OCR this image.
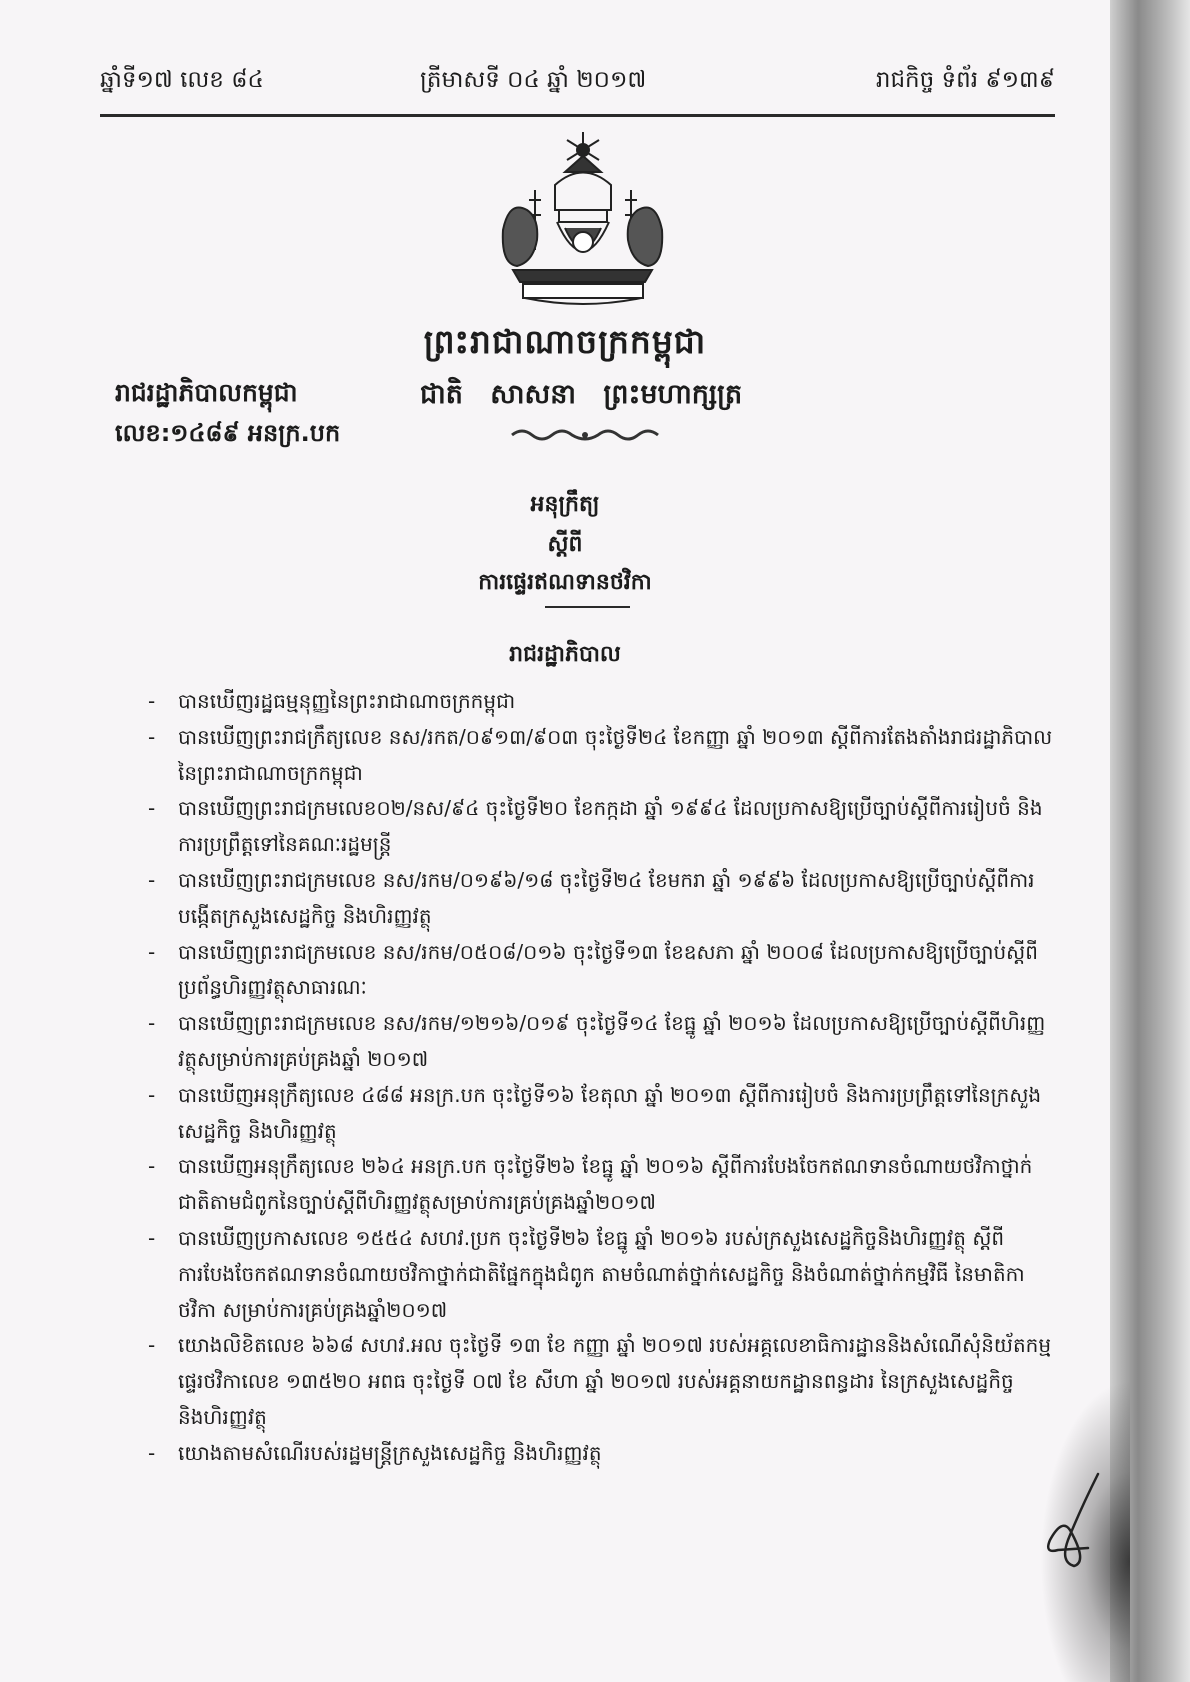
ឆ្នាំទី១៧ លេខ ៨៤	ត្រីមាសទី ០៤ ឆ្នាំ ២០១៧	រាជកិច្ច ទំព័រ ៩១៣៩
ព្រះរាជាណាចក្រកម្ពុជា
ជាតិ សាសនា ព្រះមហាក្សត្រ
រាជរដ្ឋាភិបាលកម្ពុជា
លេខ:១៤៨៩ អនក្រ.បក
អនុក្រឹត្យ
ស្ដីពី
ការផ្ទេរឥណទានថវិកា
រាជរដ្ឋាភិបាល
- បានឃើញរដ្ឋធម្មនុញ្ញនៃព្រះរាជាណាចក្រកម្ពុជា
- បានឃើញព្រះរាជក្រឹត្យលេខ នស/រកត/០៩១៣/៩០៣ ចុះថ្ងៃទី២៤ ខែកញ្ញា ឆ្នាំ ២០១៣ ស្ដីពីការតែងតាំងរាជរដ្ឋាភិបាល នៃព្រះរាជាណាចក្រកម្ពុជា
- បានឃើញព្រះរាជក្រមលេខ០២/នស/៩៤ ចុះថ្ងៃទី២០ ខែកក្កដា ឆ្នាំ ១៩៩៤ ដែលប្រកាសឱ្យប្រើច្បាប់ស្ដីពីការរៀបចំ និងការប្រព្រឹត្តទៅនៃគណៈរដ្ឋមន្ត្រី
- បានឃើញព្រះរាជក្រមលេខ នស/រកម/០១៩៦/១៨ ចុះថ្ងៃទី២៤ ខែមករា ឆ្នាំ ១៩៩៦ ដែលប្រកាសឱ្យប្រើច្បាប់ស្ដីពីការបង្កើតក្រសួងសេដ្ឋកិច្ច និងហិរញ្ញវត្ថុ
- បានឃើញព្រះរាជក្រមលេខ នស/រកម/០៥០៨/០១៦ ចុះថ្ងៃទី១៣ ខែឧសភា ឆ្នាំ ២០០៨ ដែលប្រកាសឱ្យប្រើច្បាប់ស្ដីពីប្រព័ន្ធហិរញ្ញវត្ថុសាធារណៈ
- បានឃើញព្រះរាជក្រមលេខ នស/រកម/១២១៦/០១៩ ចុះថ្ងៃទី១៤ ខែធ្នូ ឆ្នាំ ២០១៦ ដែលប្រកាសឱ្យប្រើច្បាប់ស្ដីពីហិរញ្ញវត្ថុសម្រាប់ការគ្រប់គ្រងឆ្នាំ ២០១៧
- បានឃើញអនុក្រឹត្យលេខ ៤៨៨ អនក្រ.បក ចុះថ្ងៃទី១៦ ខែតុលា ឆ្នាំ ២០១៣ ស្ដីពីការរៀបចំ និងការប្រព្រឹត្តទៅនៃក្រសួងសេដ្ឋកិច្ច និងហិរញ្ញវត្ថុ
- បានឃើញអនុក្រឹត្យលេខ ២៦៤ អនក្រ.បក ចុះថ្ងៃទី២៦ ខែធ្នូ ឆ្នាំ ២០១៦ ស្ដីពីការបែងចែកឥណទានចំណាយថវិកាថ្នាក់ជាតិតាមជំពូកនៃច្បាប់ស្ដីពីហិរញ្ញវត្ថុសម្រាប់ការគ្រប់គ្រងឆ្នាំ២០១៧
- បានឃើញប្រកាសលេខ ១៥៥៤ សហវ.ប្រក ចុះថ្ងៃទី២៦ ខែធ្នូ ឆ្នាំ ២០១៦ របស់ក្រសួងសេដ្ឋកិច្ចនិងហិរញ្ញវត្ថុ ស្ដីពីការបែងចែកឥណទានចំណាយថវិកាថ្នាក់ជាតិផ្នែកក្នុងជំពូក តាមចំណាត់ថ្នាក់សេដ្ឋកិច្ច និងចំណាត់ថ្នាក់កម្មវិធី នៃមាតិកាថវិកា សម្រាប់ការគ្រប់គ្រងឆ្នាំ២០១៧
- យោងលិខិតលេខ ៦៦៨ សហវ.អល ចុះថ្ងៃទី ១៣ ខែ កញ្ញា ឆ្នាំ ២០១៧ របស់អគ្គលេខាធិការដ្ឋាននិងសំណើសុំនិយ័តកម្មផ្ទេរថវិកាលេខ ១៣៥២០ អពធ ចុះថ្ងៃទី ០៧ ខែ សីហា ឆ្នាំ ២០១៧ របស់អគ្គនាយកដ្ឋានពន្ធដារ នៃក្រសួងសេដ្ឋកិច្ច និងហិរញ្ញវត្ថុ
- យោងតាមសំណើរបស់រដ្ឋមន្ត្រីក្រសួងសេដ្ឋកិច្ច និងហិរញ្ញវត្ថុ
